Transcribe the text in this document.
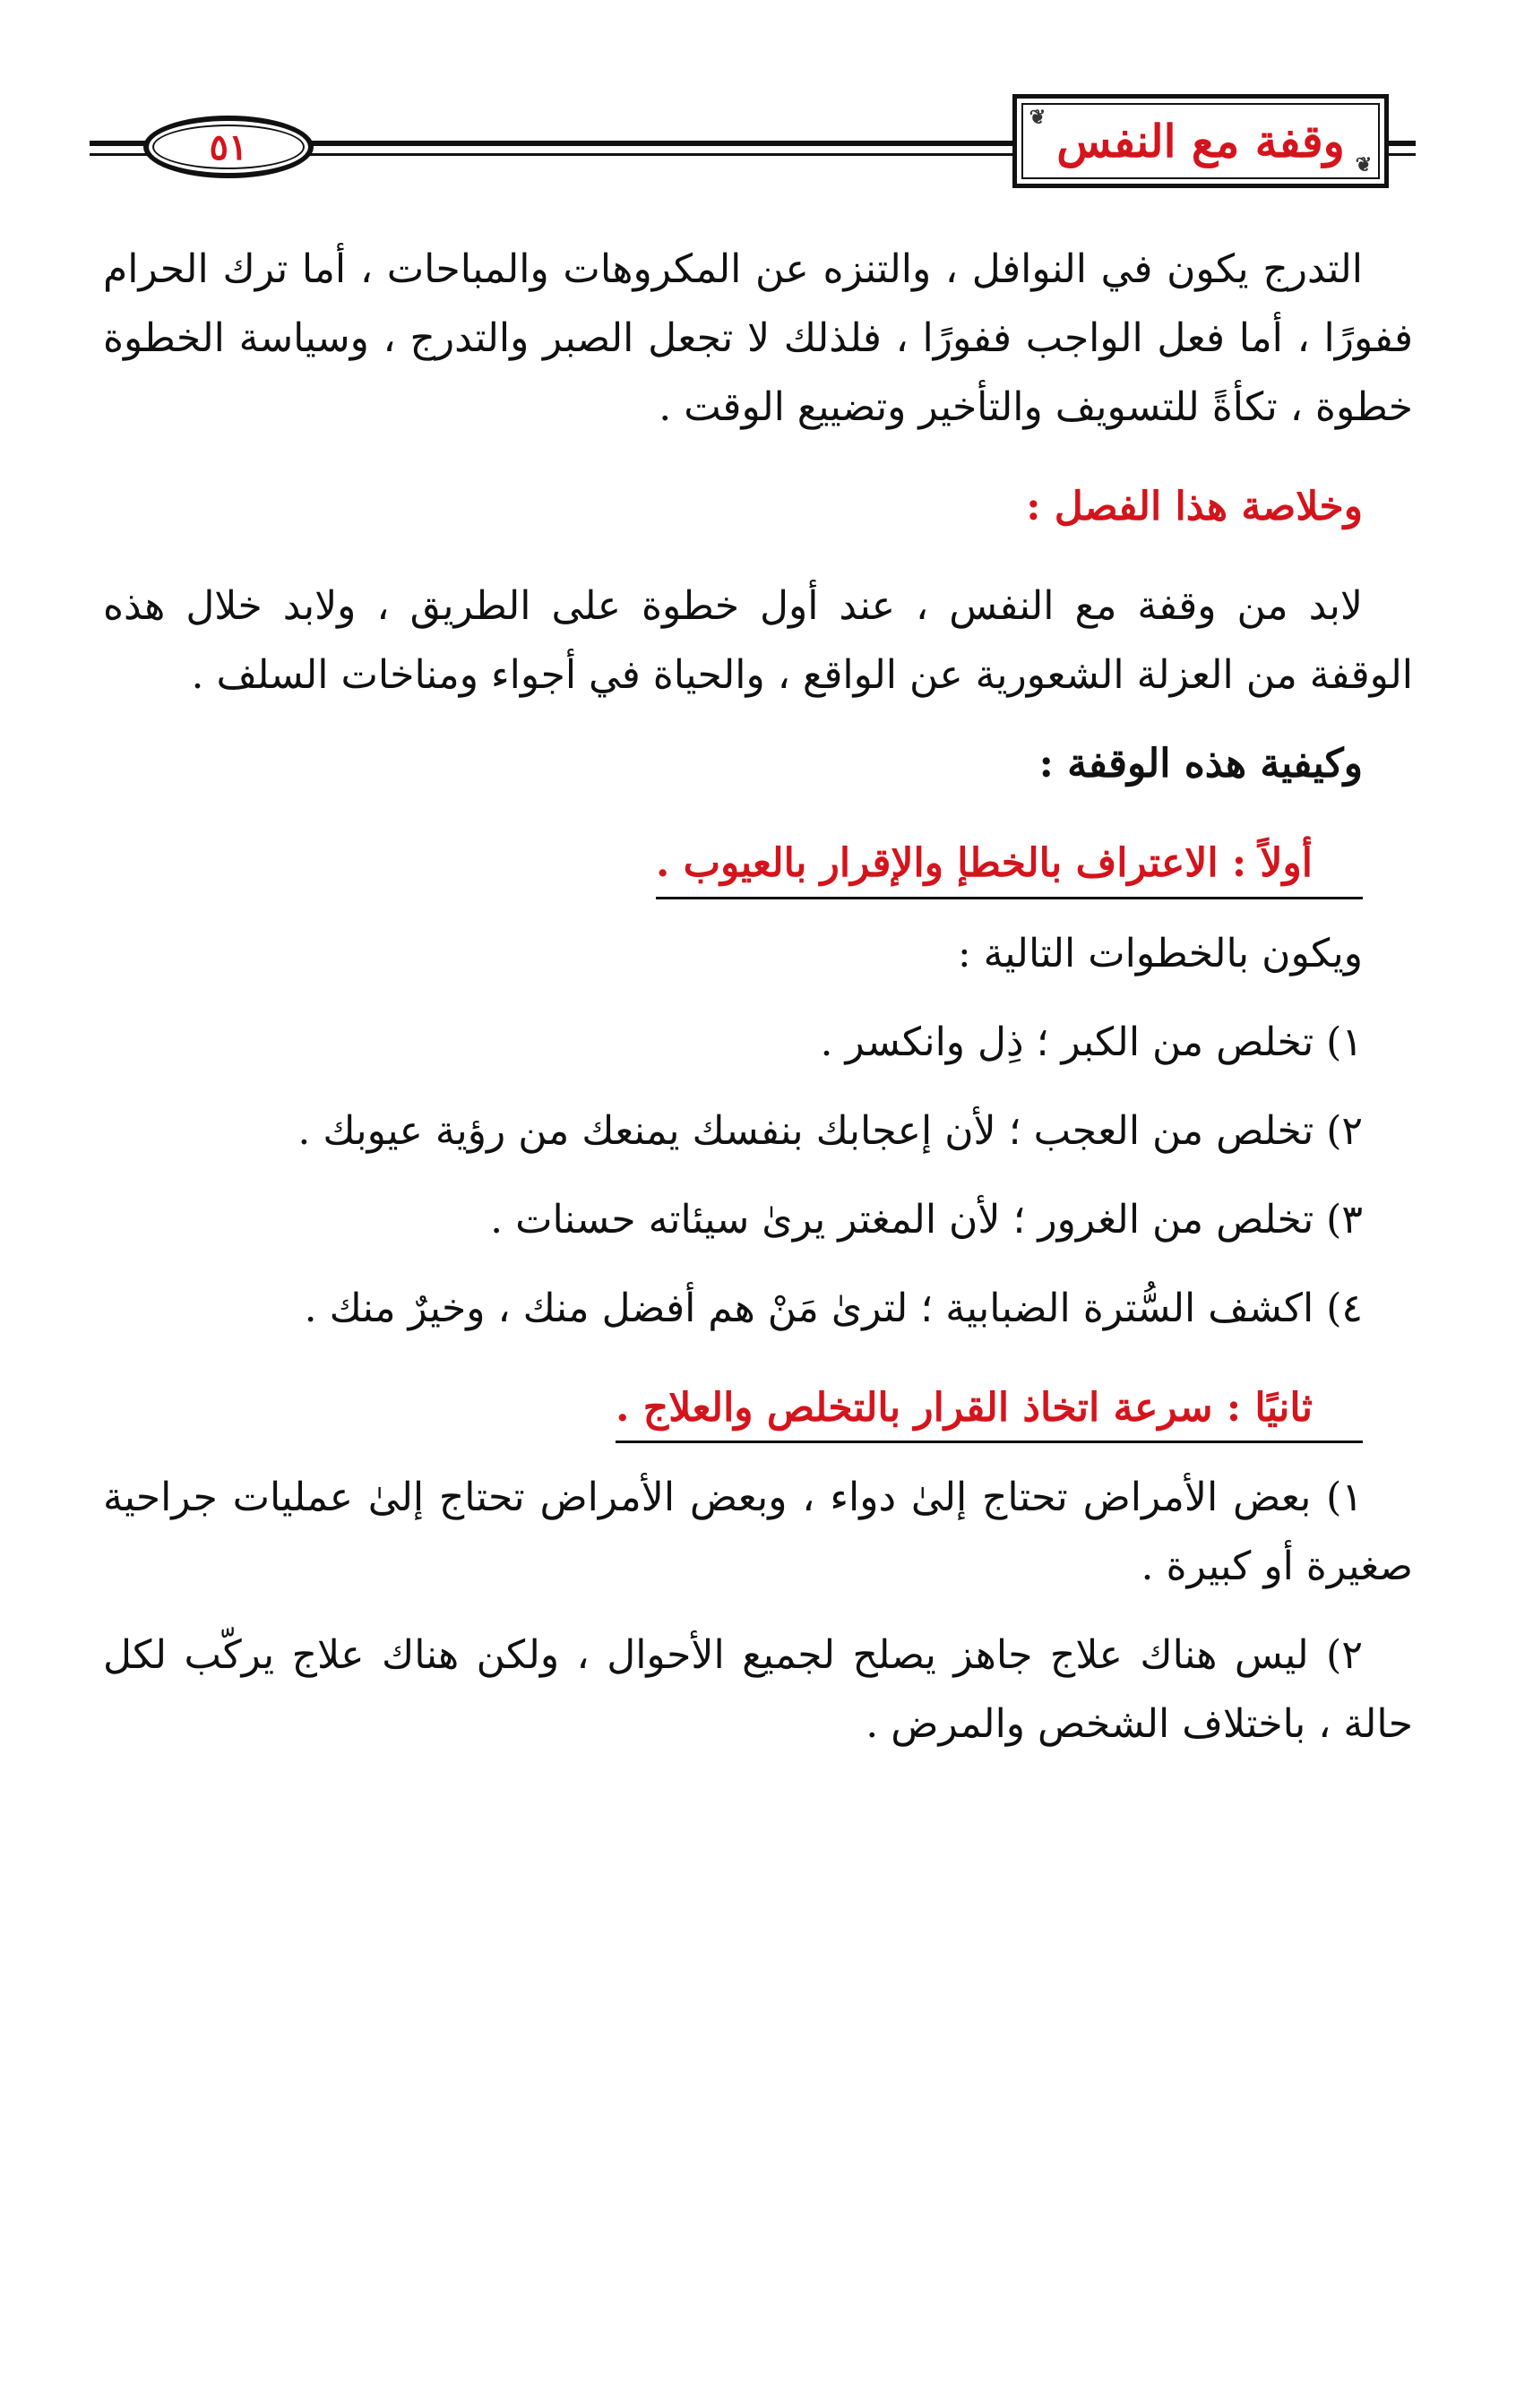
٥١
❦ وقفة مع النفس ❦

التدرج يكون في النوافل ، والتنزه عن المكروهات والمباحات ، أما ترك الحرام ففورًا ، أما فعل الواجب ففورًا ، فلذلك لا تجعل الصبر والتدرج ، وسياسة الخطوة خطوة ، تكأةً للتسويف والتأخير وتضييع الوقت .

وخلاصة هذا الفصل :

لابد من وقفة مع النفس ، عند أول خطوة على الطريق ، ولابد خلال هذه الوقفة من العزلة الشعورية عن الواقع ، والحياة في أجواء ومناخات السلف .

وكيفية هذه الوقفة :

أولاً : الاعتراف بالخطإ والإقرار بالعيوب .

ويكون بالخطوات التالية :

١) تخلص من الكبر ؛ ذِل وانكسر .

٢) تخلص من العجب ؛ لأن إعجابك بنفسك يمنعك من رؤية عيوبك .

٣) تخلص من الغرور ؛ لأن المغتر يرىٰ سيئاته حسنات .

٤) اكشف السُّترة الضبابية ؛ لترىٰ مَنْ هم أفضل منك ، وخيرٌ منك .

ثانيًا : سرعة اتخاذ القرار بالتخلص والعلاج .

١) بعض الأمراض تحتاج إلىٰ دواء ، وبعض الأمراض تحتاج إلىٰ عمليات جراحية صغيرة أو كبيرة .

٢) ليس هناك علاج جاهز يصلح لجميع الأحوال ، ولكن هناك علاج يركّب لكل حالة ، باختلاف الشخص والمرض .
